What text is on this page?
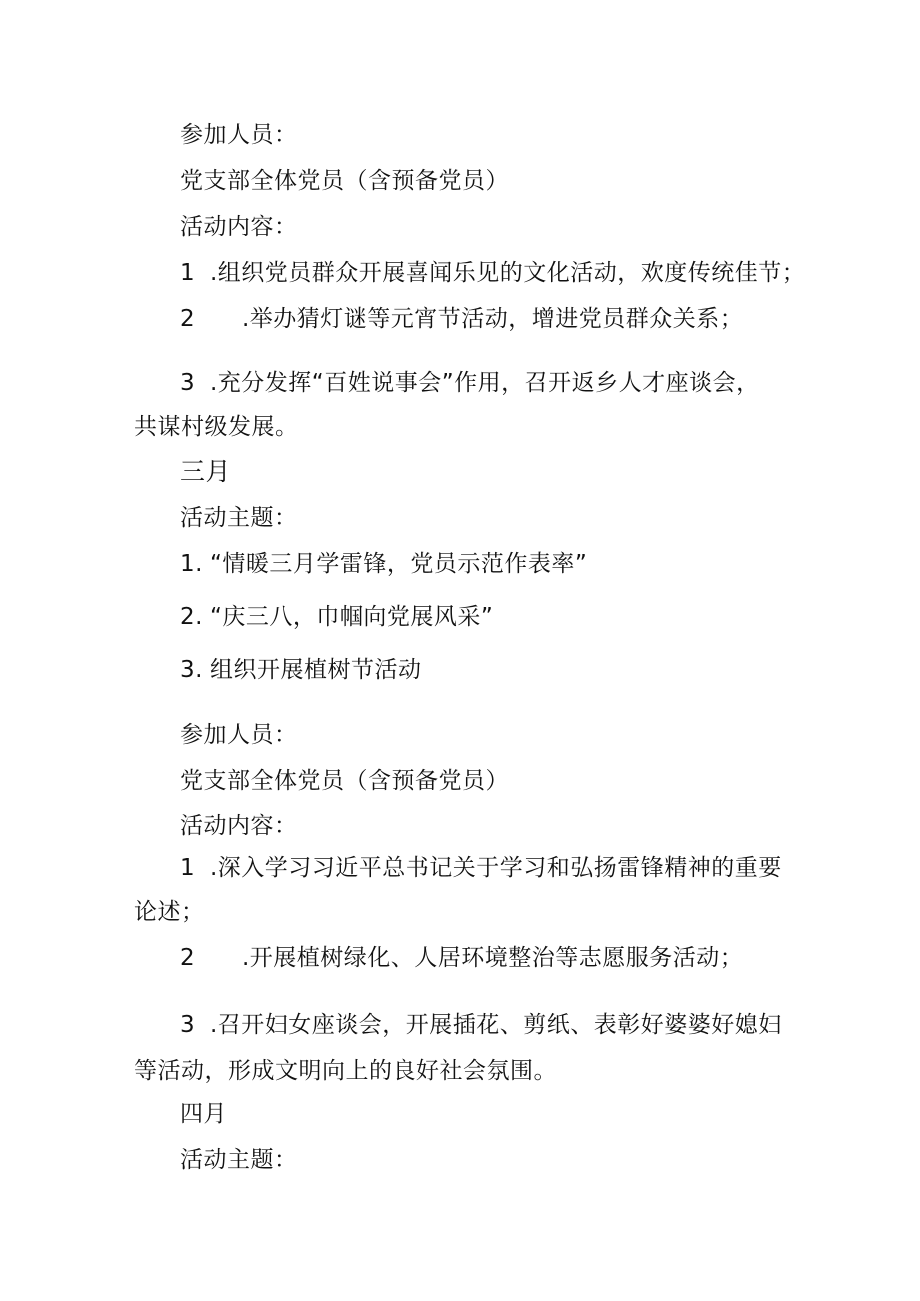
参加人员：
党支部全体党员（含预备党员）
活动内容：
1 .组织党员群众开展喜闻乐见的文化活动，欢度传统佳节；
2 .举办猜灯谜等元宵节活动，增进党员群众关系；
3 .充分发挥“百姓说事会”作用，召开返乡人才座谈会，
共谋村级发展。
三月
活动主题：
1. “情暖三月学雷锋，党员示范作表率”
2. “庆三八，巾帼向党展风采”
3. 组织开展植树节活动
参加人员：
党支部全体党员（含预备党员）
活动内容：
1 .深入学习习近平总书记关于学习和弘扬雷锋精神的重要
论述；
2 .开展植树绿化、人居环境整治等志愿服务活动；
3 .召开妇女座谈会，开展插花、剪纸、表彰好婆婆好媳妇
等活动，形成文明向上的良好社会氛围。
四月
活动主题：
